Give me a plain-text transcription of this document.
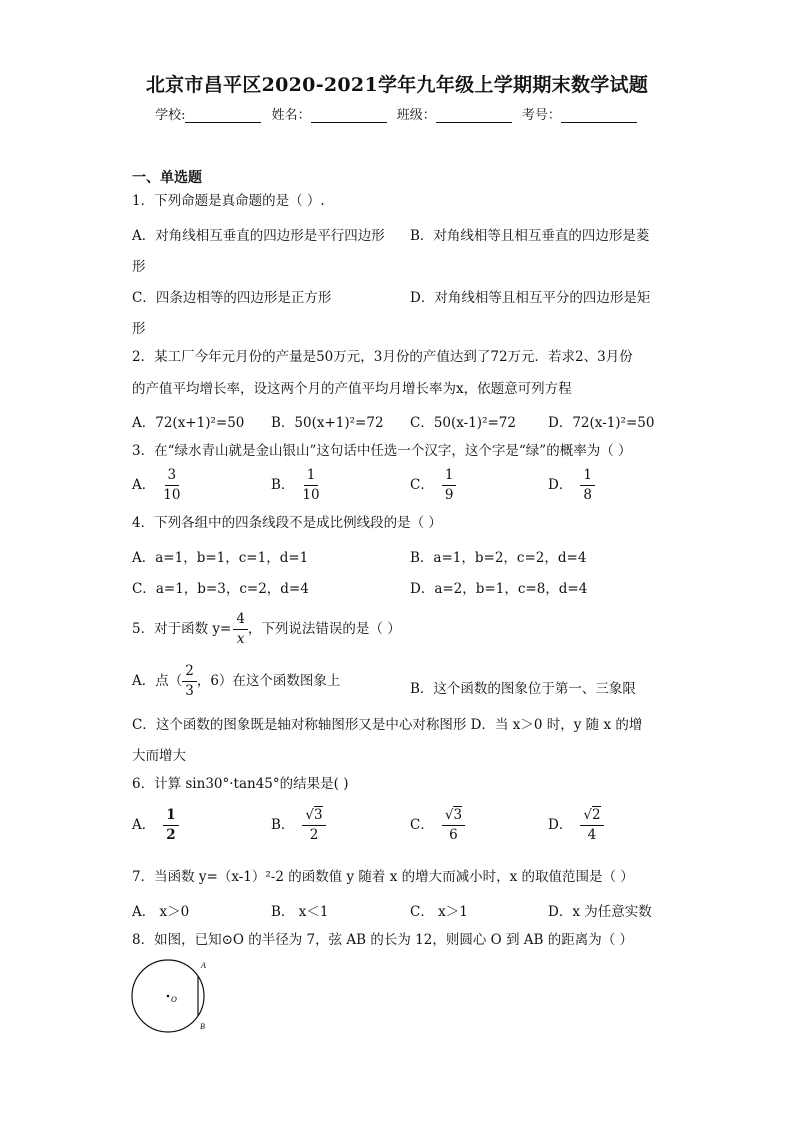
北京市昌平区2020-2021学年九年级上学期期末数学试题
学校:	姓名：	班级：	考号：
一、单选题
1．下列命题是真命题的是（ ）.
A．对角线相互垂直的四边形是平行四边形 B．对角线相等且相互垂直的四边形是菱
形
C．四条边相等的四边形是正方形	D．对角线相等且相互平分的四边形是矩
形
2．某工厂今年元月份的产量是50万元，3月份的产值达到了72万元．若求2、3月份
的产值平均增长率，设这两个月的产值平均月增长率为x，依题意可列方程
A．72(x+1)²=50 B．50(x+1)²=72 C．50(x-1)²=72 D．72(x-1)²=50
3．在“绿水青山就是金山银山”这句话中任选一个汉字，这个字是“绿”的概率为（ ）
A． $\frac{3}{10}$	B． $\frac{1}{10}$	C． $\frac{1}{9}$	D． $\frac{1}{8}$
4．下列各组中的四条线段不是成比例线段的是（ ）
A．a=1，b=1，c=1，d=1	B．a=1，b=2，c=2，d=4
C．a=1，b=3，c=2，d=4	D．a=2，b=1，c=8，d=4
5．对于函数 $y= \frac{4}{x}$ ，下列说法错误的是（ ）
A．点（ $\frac{2}{3}$ ，6）在这个函数图象上	B．这个函数的图象位于第一、三象限
C．这个函数的图象既是轴对称轴图形又是中心对称图形 D．当 x＞0 时，y 随 x 的增
大而增大
6．计算 sin30°·tan45°的结果是( )
A． $\frac{1}{2}$	B． $\frac{√3}{2}$	C． $\frac{√3}{6}$	D． $\frac{√2}{4}$
7．当函数 y=（x-1）²-2 的函数值 y 随着 x 的增大而减小时，x 的取值范围是（ ）
A． x＞0	B． x＜1	C． x＞1	D．x 为任意实数
8．如图，已知⊙O 的半径为 7，弦 AB 的长为 12，则圆心 O 到 AB 的距离为（ ）
A
B
O
